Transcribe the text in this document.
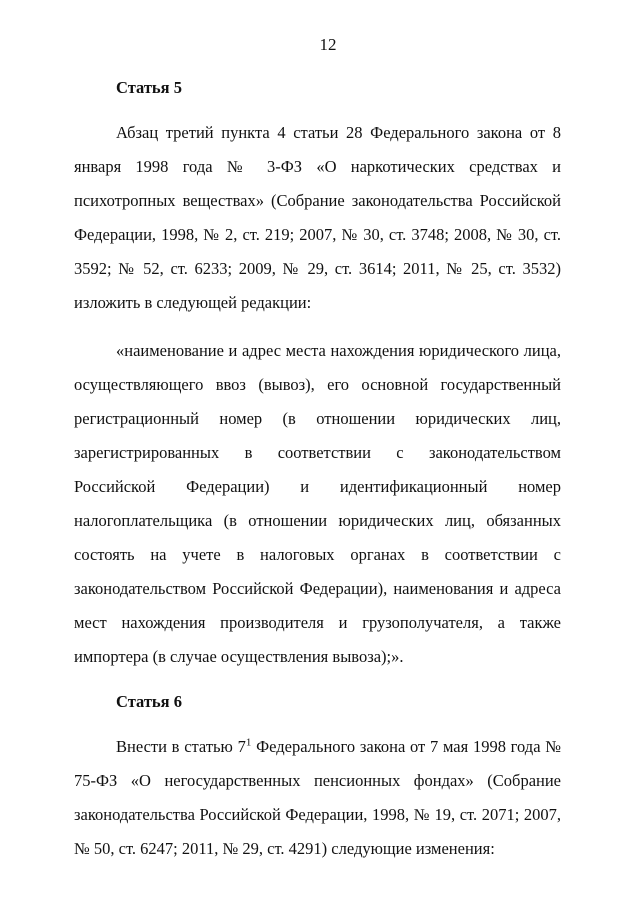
12

Статья 5

Абзац третий пункта 4 статьи 28 Федерального закона от 8 января 1998 года № 3-ФЗ «О наркотических средствах и психотропных веществах» (Собрание законодательства Российской Федерации, 1998, № 2, ст. 219; 2007, № 30, ст. 3748; 2008, № 30, ст. 3592; № 52, ст. 6233; 2009, № 29, ст. 3614; 2011, № 25, ст. 3532) изложить в следующей редакции:

«наименование и адрес места нахождения юридического лица, осуществляющего ввоз (вывоз), его основной государственный регистрационный номер (в отношении юридических лиц, зарегистрированных в соответствии с законодательством Российской Федерации) и идентификационный номер налогоплательщика (в отношении юридических лиц, обязанных состоять на учете в налоговых органах в соответствии с законодательством Российской Федерации), наименования и адреса мест нахождения производителя и грузополучателя, а также импортера (в случае осуществления вывоза);».

Статья 6

Внести в статью $7^1$ Федерального закона от 7 мая 1998 года № 75-ФЗ «О негосударственных пенсионных фондах» (Собрание законодательства Российской Федерации, 1998, № 19, ст. 2071; 2007, № 50, ст. 6247; 2011, № 29, ст. 4291) следующие изменения:
